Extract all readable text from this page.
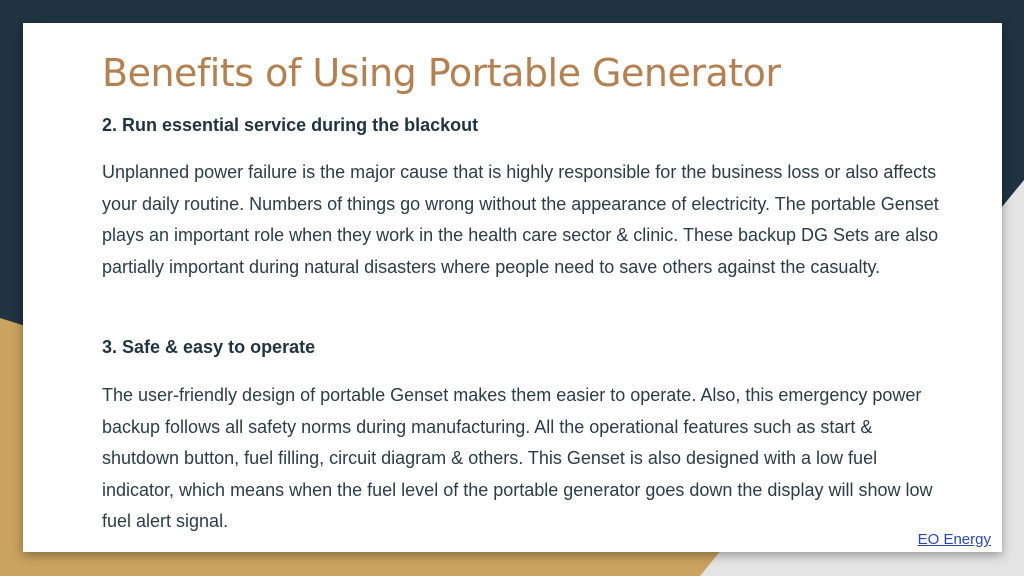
Benefits of Using Portable Generator

2. Run essential service during the blackout

Unplanned power failure is the major cause that is highly responsible for the business loss or also affects your daily routine. Numbers of things go wrong without the appearance of electricity. The portable Genset plays an important role when they work in the health care sector & clinic. These backup DG Sets are also partially important during natural disasters where people need to save others against the casualty.

3. Safe & easy to operate

The user-friendly design of portable Genset makes them easier to operate. Also, this emergency power backup follows all safety norms during manufacturing. All the operational features such as start & shutdown button, fuel filling, circuit diagram & others. This Genset is also designed with a low fuel indicator, which means when the fuel level of the portable generator goes down the display will show low fuel alert signal.

EO Energy
